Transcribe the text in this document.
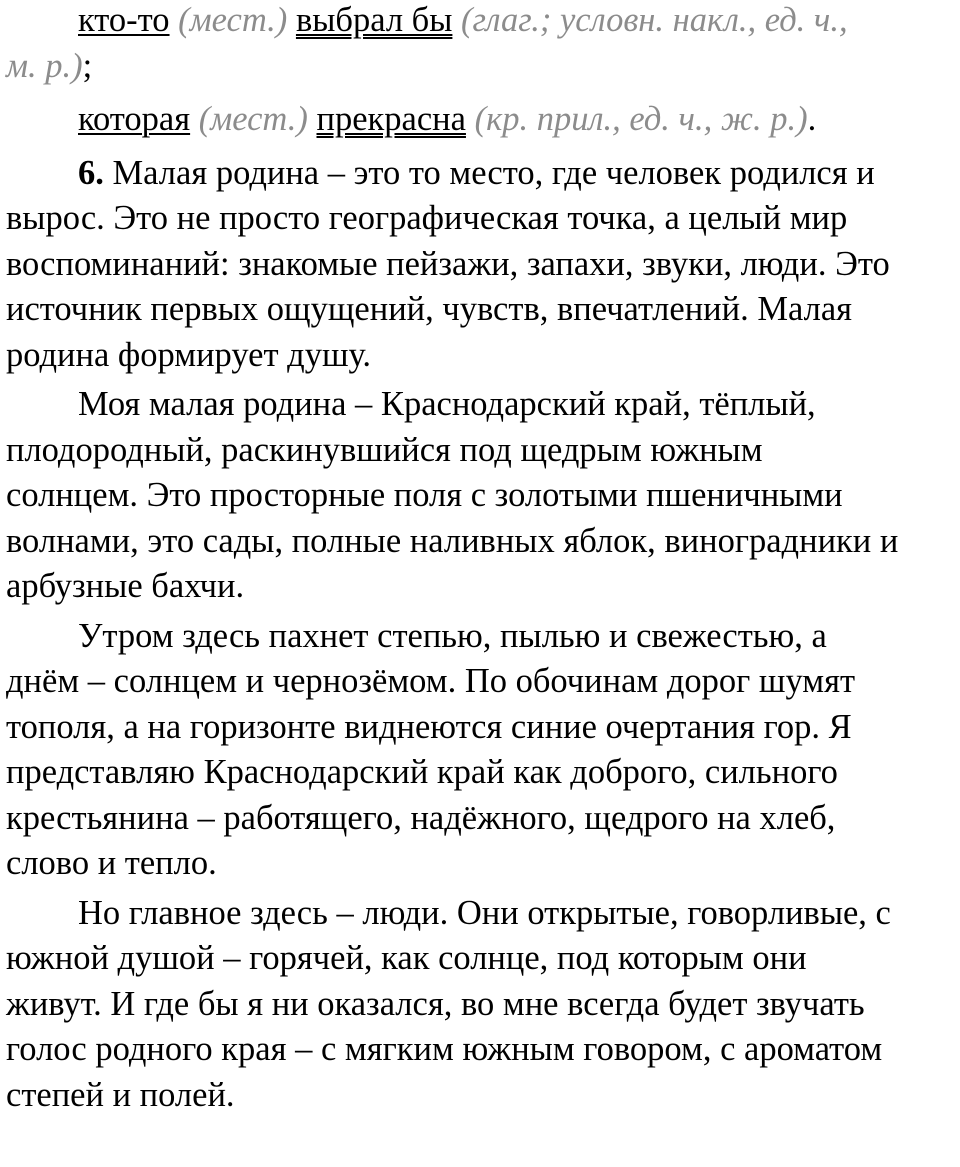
кто-то (мест.) выбрал бы (глаг.; условн. накл., ед. ч.,
м. р.);
которая (мест.) прекрасна (кр. прил., ед. ч., ж. р.).
6. Малая родина – это то место, где человек родился и
вырос. Это не просто географическая точка, а целый мир
воспоминаний: знакомые пейзажи, запахи, звуки, люди. Это
источник первых ощущений, чувств, впечатлений. Малая
родина формирует душу.
Моя малая родина – Краснодарский край, тёплый,
плодородный, раскинувшийся под щедрым южным
солнцем. Это просторные поля с золотыми пшеничными
волнами, это сады, полные наливных яблок, виноградники и
арбузные бахчи.
Утром здесь пахнет степью, пылью и свежестью, а
днём – солнцем и чернозёмом. По обочинам дорог шумят
тополя, а на горизонте виднеются синие очертания гор. Я
представляю Краснодарский край как доброго, сильного
крестьянина – работящего, надёжного, щедрого на хлеб,
слово и тепло.
Но главное здесь – люди. Они открытые, говорливые, с
южной душой – горячей, как солнце, под которым они
живут. И где бы я ни оказался, во мне всегда будет звучать
голос родного края – с мягким южным говором, с ароматом
степей и полей.
